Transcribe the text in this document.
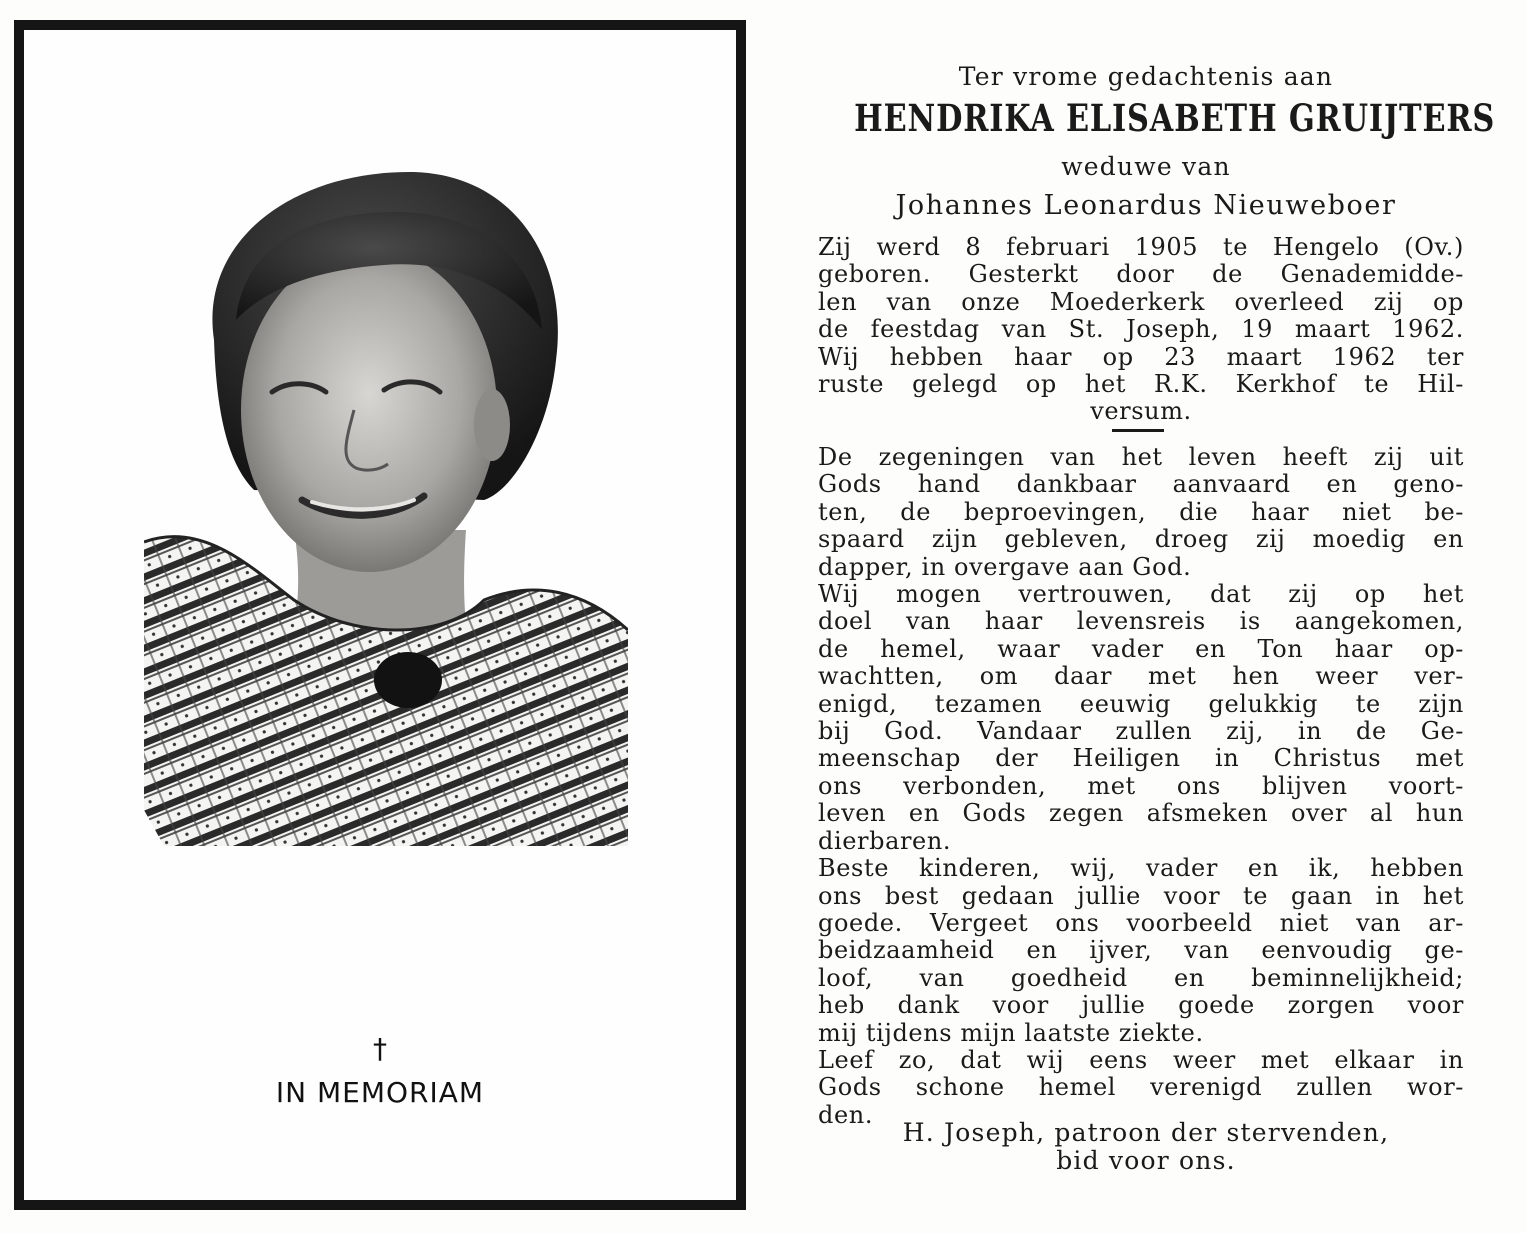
†
IN MEMORIAM
Ter vrome gedachtenis aan
HENDRIKA ELISABETH GRUIJTERS
weduwe van
Johannes Leonardus Nieuweboer
Zij werd 8 februari 1905 te Hengelo (Ov.)
geboren. Gesterkt door de Genademidde-
len van onze Moederkerk overleed zij op
de feestdag van St. Joseph, 19 maart 1962.
Wij hebben haar op 23 maart 1962 ter
ruste gelegd op het R.K. Kerkhof te Hil-
versum.
De zegeningen van het leven heeft zij uit
Gods hand dankbaar aanvaard en geno-
ten, de beproevingen, die haar niet be-
spaard zijn gebleven, droeg zij moedig en
dapper, in overgave aan God.
Wij mogen vertrouwen, dat zij op het
doel van haar levensreis is aangekomen,
de hemel, waar vader en Ton haar op-
wachtten, om daar met hen weer ver-
enigd, tezamen eeuwig gelukkig te zijn
bij God. Vandaar zullen zij, in de Ge-
meenschap der Heiligen in Christus met
ons verbonden, met ons blijven voort-
leven en Gods zegen afsmeken over al hun
dierbaren.
Beste kinderen, wij, vader en ik, hebben
ons best gedaan jullie voor te gaan in het
goede. Vergeet ons voorbeeld niet van ar-
beidzaamheid en ijver, van eenvoudig ge-
loof, van goedheid en beminnelijkheid;
heb dank voor jullie goede zorgen voor
mij tijdens mijn laatste ziekte.
Leef zo, dat wij eens weer met elkaar in
Gods schone hemel verenigd zullen wor-
den.
H. Joseph, patroon der stervenden,
bid voor ons.
